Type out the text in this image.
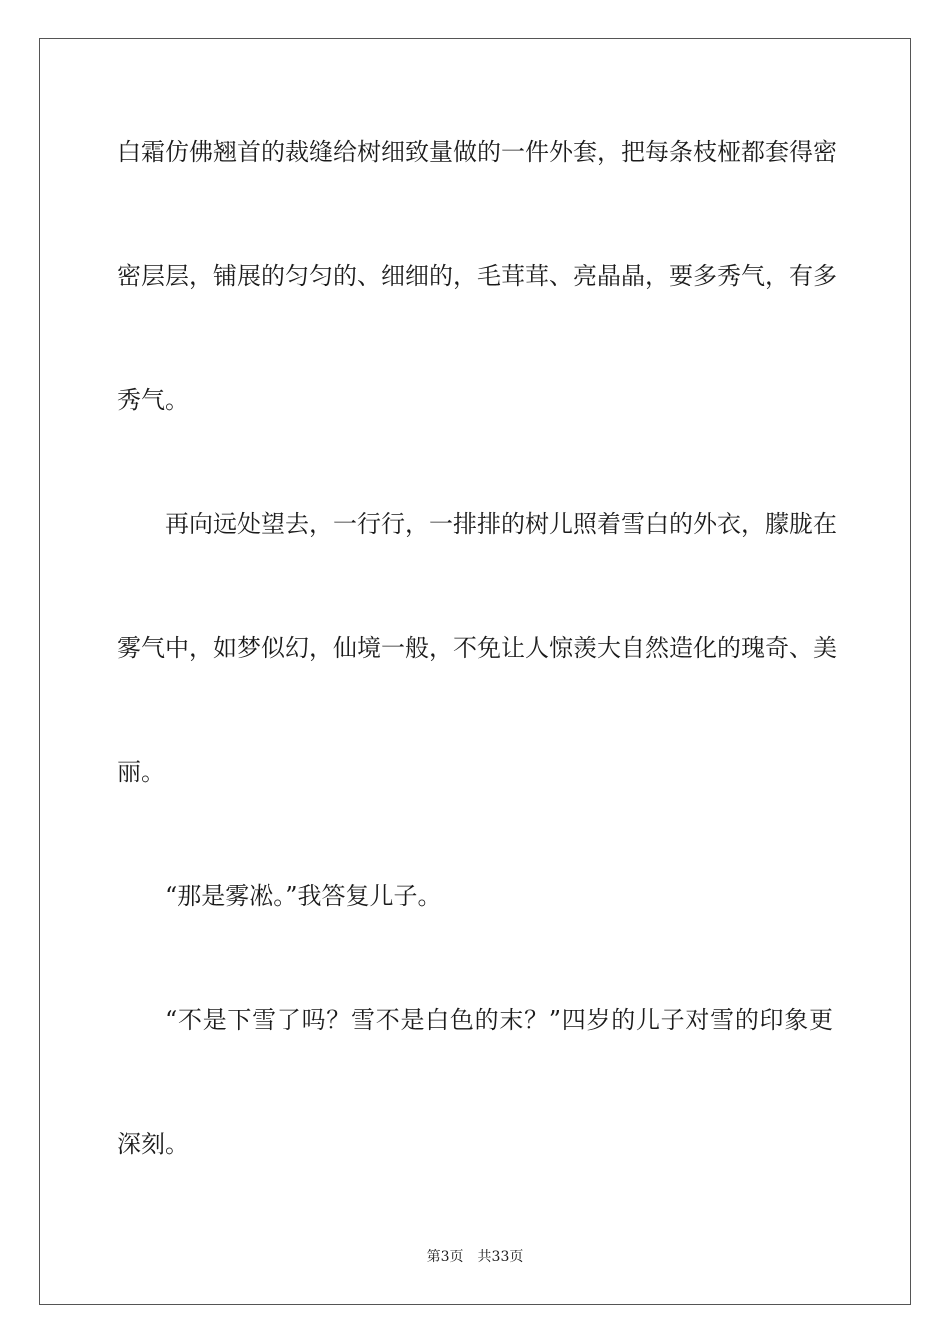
白霜仿佛翘首的裁缝给树细致量做的一件外套，把每条枝桠都套得密
密层层，铺展的匀匀的、细细的，毛茸茸、亮晶晶，要多秀气，有多
秀气。
再向远处望去，一行行，一排排的树儿照着雪白的外衣，朦胧在
雾气中，如梦似幻，仙境一般，不免让人惊羡大自然造化的瑰奇、美
丽。
“那是雾凇。”我答复儿子。
“不是下雪了吗？雪不是白色的末？”四岁的儿子对雪的印象更
深刻。
第3页 共33页
